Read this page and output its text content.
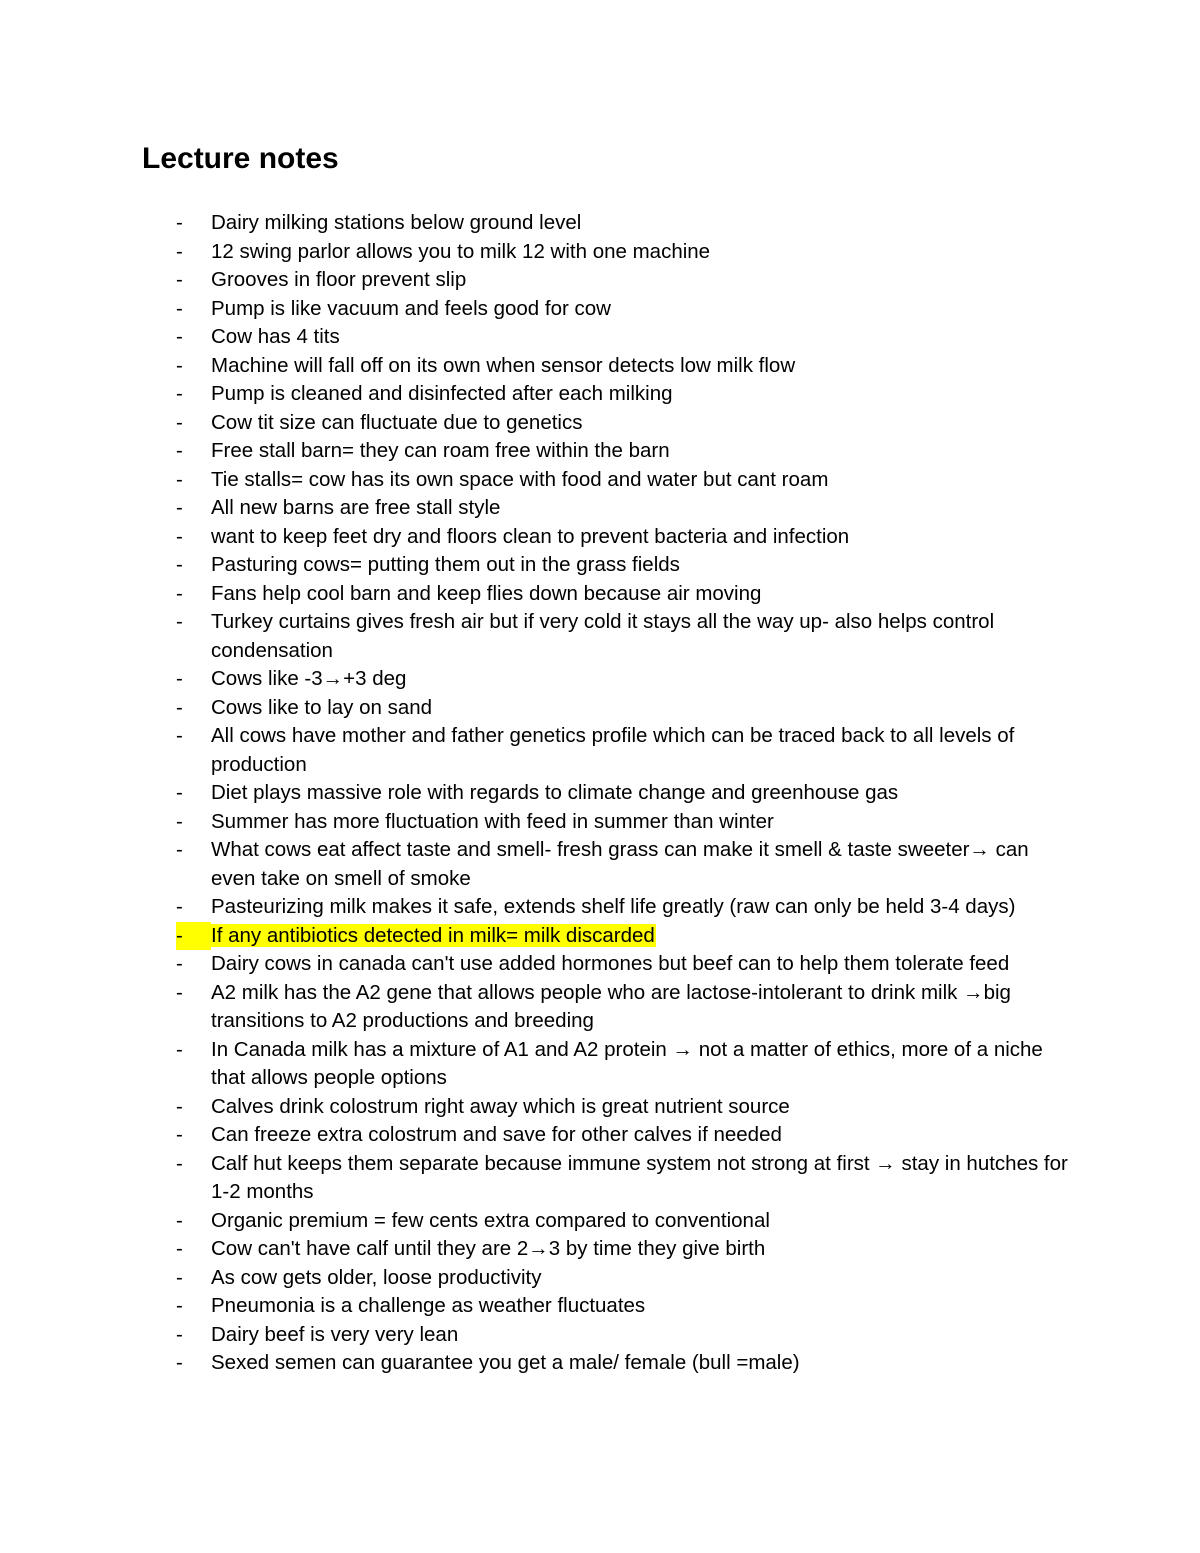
Lecture notes
-	Dairy milking stations below ground level
-	12 swing parlor allows you to milk 12 with one machine
-	Grooves in floor prevent slip
-	Pump is like vacuum and feels good for cow
-	Cow has 4 tits
-	Machine will fall off on its own when sensor detects low milk flow
-	Pump is cleaned and disinfected after each milking
-	Cow tit size can fluctuate due to genetics
-	Free stall barn= they can roam free within the barn
-	Tie stalls= cow has its own space with food and water but cant roam
-	All new barns are free stall style
-	want to keep feet dry and floors clean to prevent bacteria and infection
-	Pasturing cows= putting them out in the grass fields
-	Fans help cool barn and keep flies down because air moving
-	Turkey curtains gives fresh air but if very cold it stays all the way up- also helps control condensation
-	Cows like -3→+3 deg
-	Cows like to lay on sand
-	All cows have mother and father genetics profile which can be traced back to all levels of production
-	Diet plays massive role with regards to climate change and greenhouse gas
-	Summer has more fluctuation with feed in summer than winter
-	What cows eat affect taste and smell- fresh grass can make it smell & taste sweeter→ can even take on smell of smoke
-	Pasteurizing milk makes it safe, extends shelf life greatly (raw can only be held 3-4 days)
-	If any antibiotics detected in milk= milk discarded
-	Dairy cows in canada can't use added hormones but beef can to help them tolerate feed
-	A2 milk has the A2 gene that allows people who are lactose-intolerant to drink milk →big transitions to A2 productions and breeding
-	In Canada milk has a mixture of A1 and A2 protein → not a matter of ethics, more of a niche that allows people options
-	Calves drink colostrum right away which is great nutrient source
-	Can freeze extra colostrum and save for other calves if needed
-	Calf hut keeps them separate because immune system not strong at first → stay in hutches for 1-2 months
-	Organic premium = few cents extra compared to conventional
-	Cow can't have calf until they are 2→3 by time they give birth
-	As cow gets older, loose productivity
-	Pneumonia is a challenge as weather fluctuates
-	Dairy beef is very very lean
-	Sexed semen can guarantee you get a male/ female (bull =male)
